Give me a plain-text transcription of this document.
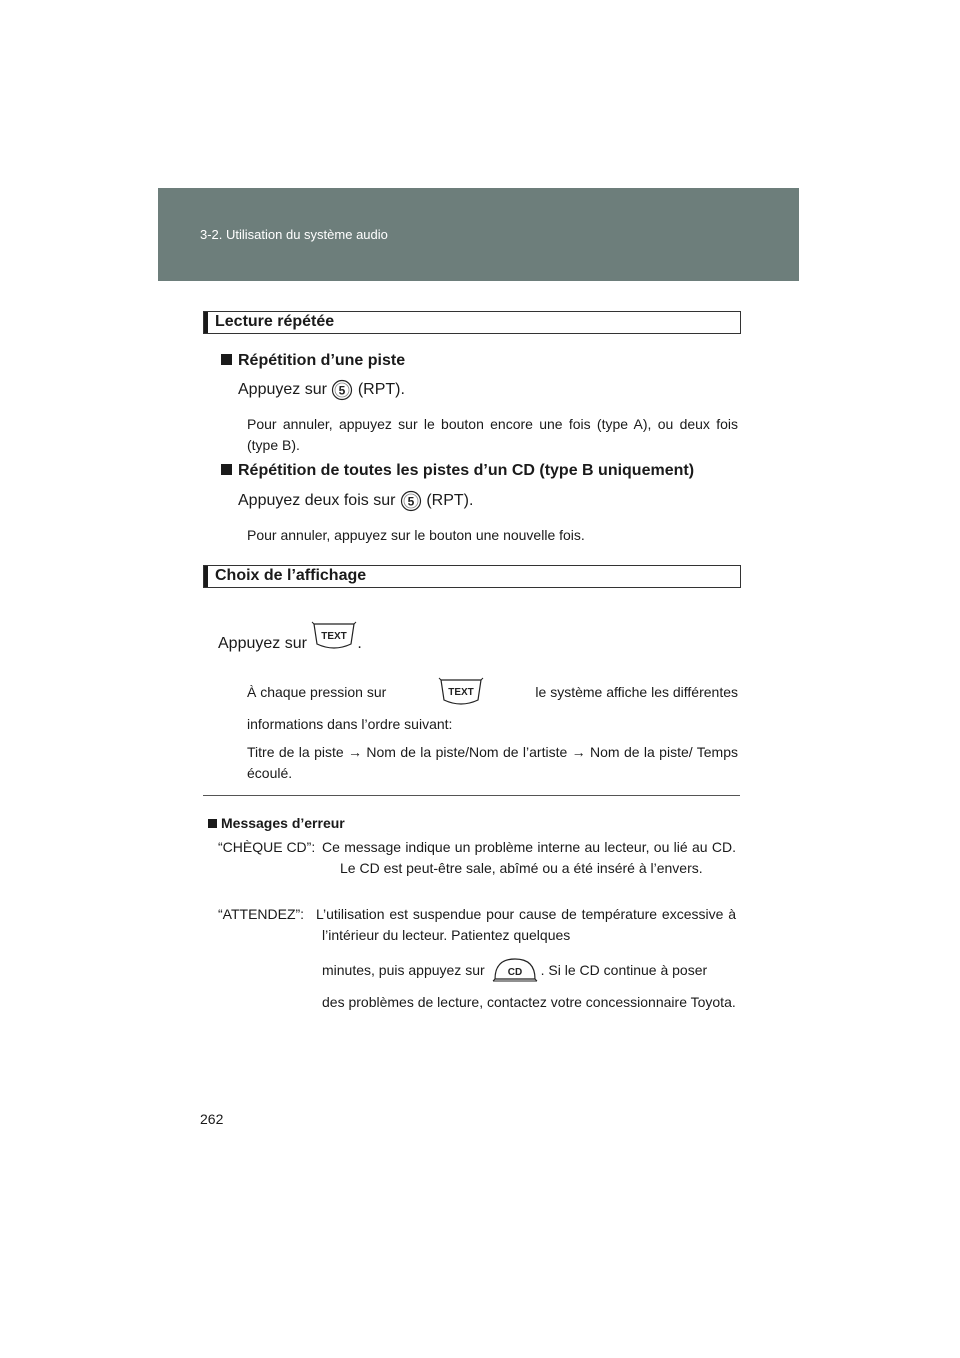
3-2. Utilisation du système audio
Lecture répétée
Répétition d’une piste
Appuyez sur 5 (RPT).
Pour annuler, appuyez sur le bouton encore une fois (type A), ou deux fois (type B).
Répétition de toutes les pistes d’un CD (type B uniquement)
Appuyez deux fois sur 5 (RPT).
Pour annuler, appuyez sur le bouton une nouvelle fois.
Choix de l’affichage
Appuyez sur TEXT .
À chaque pression sur	TEXT	le système affiche les différentes
informations dans l’ordre suivant:
Titre de la piste → Nom de la piste/Nom de l’artiste → Nom de la piste/ Temps écoulé.
Messages d’erreur
“CHÈQUE CD”: Ce message indique un problème interne au lecteur, ou lié au CD. Le CD est peut-être sale, abîmé ou a été inséré à l’envers.
“ATTENDEZ”: L’utilisation est suspendue pour cause de température excessive à l’intérieur du lecteur. Patientez quelques
minutes, puis appuyez sur CD . Si le CD continue à poser
des problèmes de lecture, contactez votre concessionnaire Toyota.
262
